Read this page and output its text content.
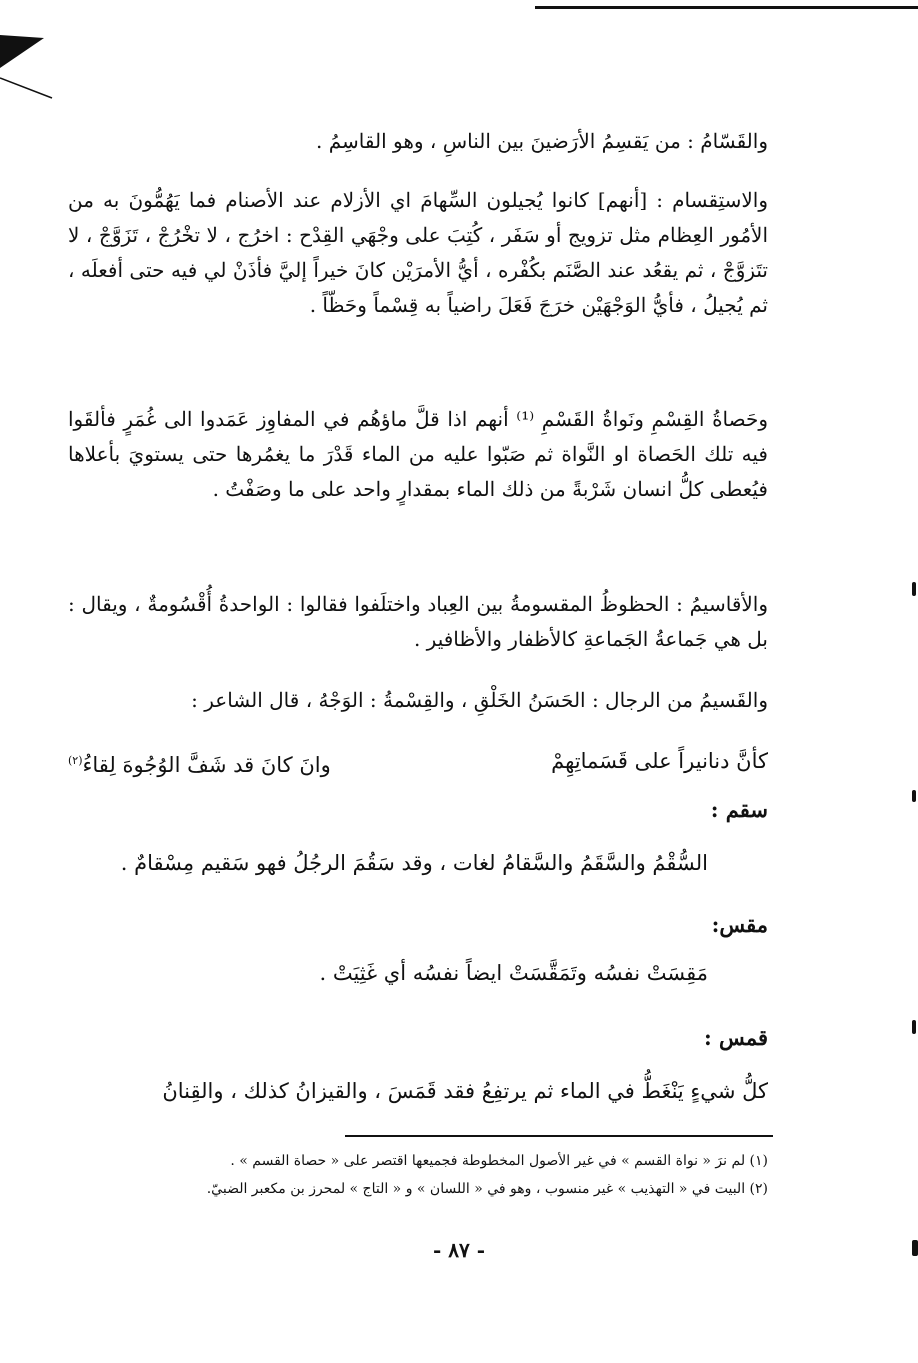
والقَسّامُ : من يَقسِمُ الأرَضينَ بين الناسِ ، وهو القاسِمُ .

والاستِقسام : [أنهم] كانوا يُجيلون السِّهامَ اي الأزلام عند الأصنام فما يَهُمُّونَ به من الأمُور العِظام مثل تزويج أو سَفَر ، كُتِبَ على وجْهَي القِدْح : اخرُج ، لا تخْرُجْ ، تَزَوَّجْ ، لا تتَزوَّجْ ، ثم يقعُد عند الصَّنَم بكُفْره ، أيُّ الأمرَيْن كانَ خيراً إليَّ فأذَنْ لي فيه حتى أفعلَه ، ثم يُجيلُ ، فأيُّ الوَجْهَيْن خرَجَ فَعَلَ راضياً به قِسْماً وحَظّاً .

وحَصاةُ القِسْمِ ونَواةُ القَسْمِ ⁽¹⁾ أنهم اذا قلَّ ماؤهُم في المفاوِز عَمَدوا الى غُمَرٍ فألقَوا فيه تلك الحَصاة او النَّواة ثم صَبّوا عليه من الماء قَدْرَ ما يغمُرها حتى يستويَ بأعلاها فيُعطى كلُّ انسان شَرْبةً من ذلك الماء بمقدارٍ واحد على ما وصَفْتُ .

والأقاسيمُ : الحظوظُ المقسومةُ بين العِباد واختلَفوا فقالوا : الواحدةُ أُقْسُومةٌ ، ويقال : بل هي جَماعةُ الجَماعةِ كالأظفار والأظافير .

والقَسيمُ من الرجال : الحَسَنُ الخَلْقِ ، والقِسْمةُ : الوَجْهُ ، قال الشاعر :

كأنَّ دنانيراً على قَسَماتِهِمْ
وانَ كانَ قد شَفَّ الوُجُوهَ لِقاءُ$^{(٢)}$

سقم :

السُّقْمُ والسَّقَمُ والسَّقامُ لغات ، وقد سَقُمَ الرجُلُ فهو سَقيم مِسْقامٌ .

مقس:

مَقِسَتْ نفسُه وتَمَقَّسَتْ ايضاً نفسُه أي غَثِيَتْ .

قمس :

كلُّ شيءٍ يَنْغَطُّ في الماء ثم يرتفِعُ فقد قَمَسَ ، والقيزانُ كذلك ، والقِنانُ

(١) لم نرَ « نواة القسم » في غير الأصول المخطوطة فجميعها اقتصر على « حصاة القسم » .

(٢) البيت في « التهذيب » غير منسوب ، وهو في « اللسان » و « التاج » لمحرز بن مكعبر الضبيّ.

- ٨٧ -
